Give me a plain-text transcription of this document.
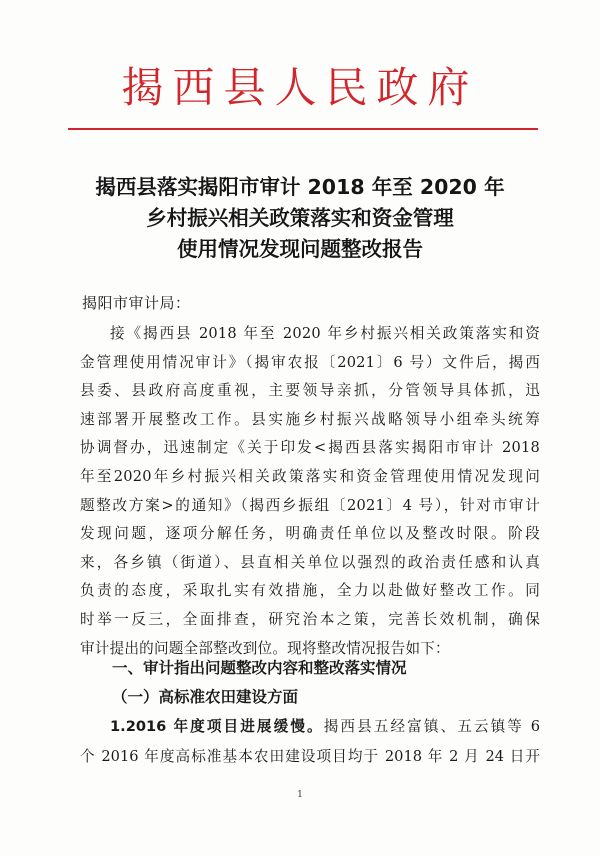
揭西县人民政府
揭西县落实揭阳市审计 2018 年至 2020 年
乡村振兴相关政策落实和资金管理
使用情况发现问题整改报告
揭阳市审计局：
接《揭西县 2018 年至 2020 年乡村振兴相关政策落实和资
金管理使用情况审计》（揭审农报〔2021〕6 号）文件后，揭西
县委、县政府高度重视，主要领导亲抓，分管领导具体抓，迅
速部署开展整改工作。县实施乡村振兴战略领导小组牵头统筹
协调督办，迅速制定《关于印发<揭西县落实揭阳市审计 2018
年至2020年乡村振兴相关政策落实和资金管理使用情况发现问
题整改方案>的通知》（揭西乡振组〔2021〕4 号），针对市审计
发现问题，逐项分解任务，明确责任单位以及整改时限。阶段
来，各乡镇（街道）、县直相关单位以强烈的政治责任感和认真
负责的态度，采取扎实有效措施，全力以赴做好整改工作。同
时举一反三，全面排查，研究治本之策，完善长效机制，确保
审计提出的问题全部整改到位。现将整改情况报告如下：
一、审计指出问题整改内容和整改落实情况
（一）高标准农田建设方面
1.2016 年度项目进展缓慢。揭西县五经富镇、五云镇等 6
个 2016 年度高标准基本农田建设项目均于 2018 年 2 月 24 日开
1
